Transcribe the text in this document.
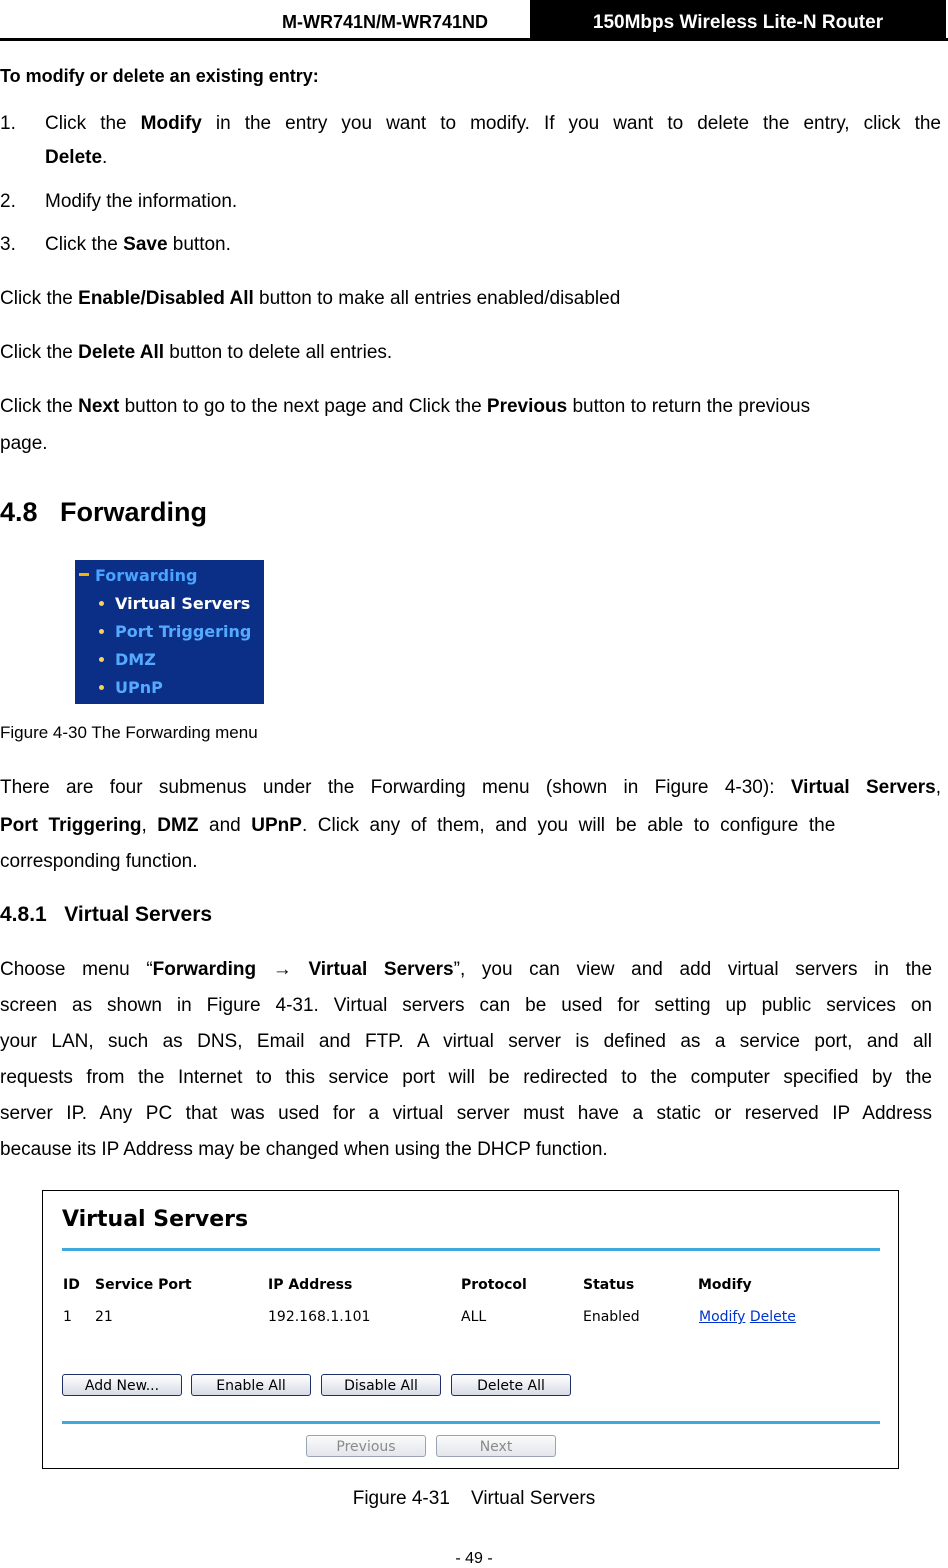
M-WR741N/M-WR741ND	150Mbps Wireless Lite-N Router
To modify or delete an existing entry:
1. Click the Modify in the entry you want to modify. If you want to delete the entry, click the
Delete.
2. Modify the information.
3. Click the Save button.
Click the Enable/Disabled All button to make all entries enabled/disabled
Click the Delete All button to delete all entries.
Click the Next button to go to the next page and Click the Previous button to return the previous
page.
4.8   Forwarding
Forwarding
Virtual Servers
Port Triggering
DMZ
UPnP
Figure 4-30 The Forwarding menu
There are four submenus under the Forwarding menu (shown in Figure 4-30): Virtual Servers,
Port  Triggering,  DMZ  and  UPnP.  Click  any  of  them,  and  you  will  be  able  to  configure  the
corresponding function.
4.8.1   Virtual Servers
Choose menu “Forwarding → Virtual Servers”, you can view and add virtual servers in the
screen as shown in Figure 4-31. Virtual servers can be used for setting up public services on
your LAN, such as DNS, Email and FTP. A virtual server is defined as a service port, and all
requests from the Internet to this service port will be redirected to the computer specified by the
server IP. Any PC that was used for a virtual server must have a static or reserved IP Address
because its IP Address may be changed when using the DHCP function.
Virtual Servers
ID Service Port	IP Address	Protocol	Status	Modify
1 21	192.168.1.101	ALL	Enabled	Modify Delete
Add New...	Enable All	Disable All	Delete All
Previous	Next
Figure 4-31    Virtual Servers
- 49 -
